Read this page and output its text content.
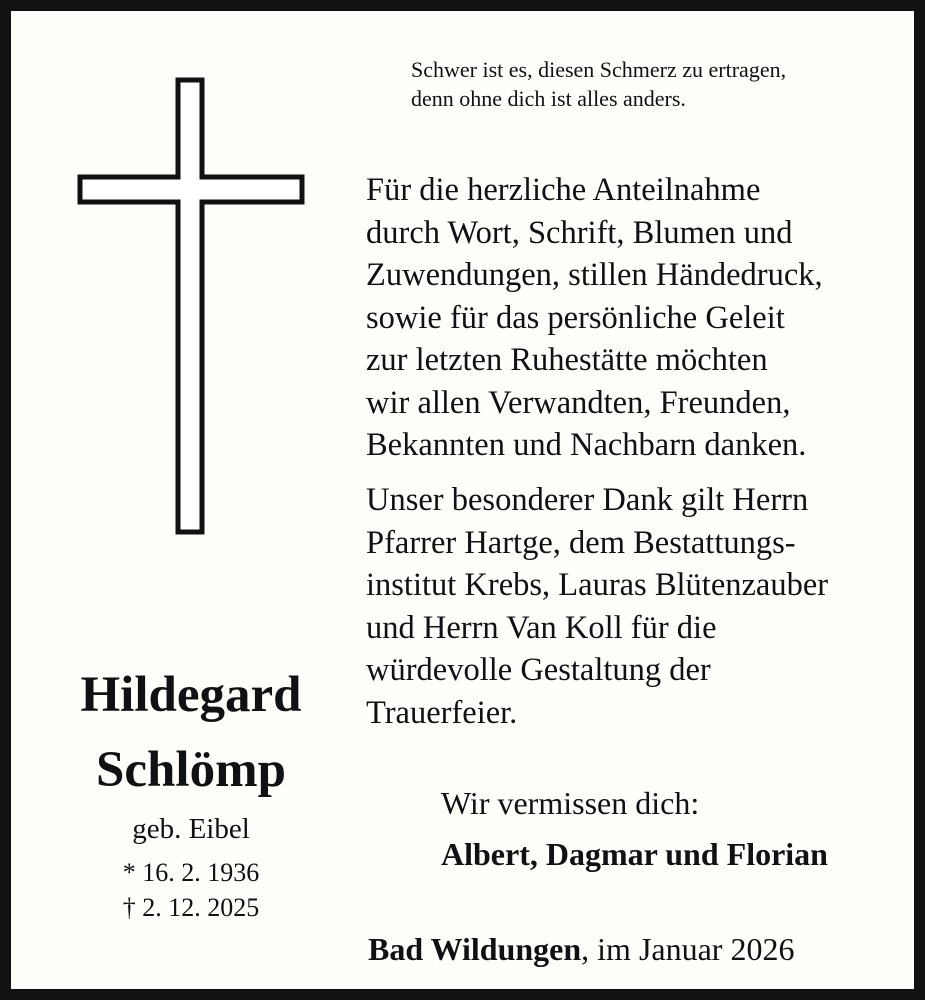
Schwer ist es, diesen Schmerz zu ertragen,
denn ohne dich ist alles anders.
Für die herzliche Anteilnahme
durch Wort, Schrift, Blumen und
Zuwendungen, stillen Händedruck,
sowie für das persönliche Geleit
zur letzten Ruhestätte möchten
wir allen Verwandten, Freunden,
Bekannten und Nachbarn danken.
Unser besonderer Dank gilt Herrn
Pfarrer Hartge, dem Bestattungs-
institut Krebs, Lauras Blütenzauber
und Herrn Van Koll für die
würdevolle Gestaltung der
Trauerfeier.
Hildegard
Schlömp
geb. Eibel
* 16. 2. 1936
† 2. 12. 2025
Wir vermissen dich:
Albert, Dagmar und Florian
Bad Wildungen, im Januar 2026
